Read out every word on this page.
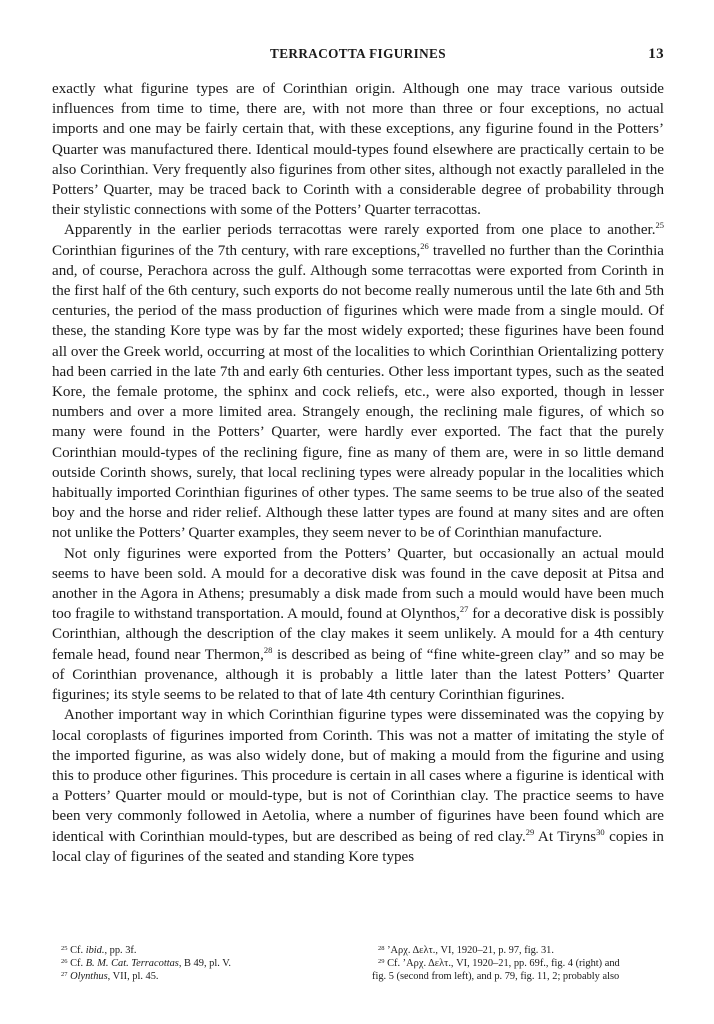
TERRACOTTA FIGURINES	13

exactly what figurine types are of Corinthian origin. Although one may trace various outside influences from time to time, there are, with not more than three or four exceptions, no actual imports and one may be fairly certain that, with these exceptions, any figurine found in the Potters’ Quarter was manufactured there. Identical mould-types found elsewhere are practically certain to be also Corinthian. Very frequently also figurines from other sites, although not exactly paralleled in the Potters’ Quarter, may be traced back to Corinth with a considerable degree of probability through their stylistic connections with some of the Potters’ Quarter terracottas.

Apparently in the earlier periods terracottas were rarely exported from one place to another.$^{25}$ Corinthian figurines of the 7th century, with rare exceptions,$^{26}$ travelled no further than the Corinthia and, of course, Perachora across the gulf. Although some terracottas were exported from Corinth in the first half of the 6th century, such exports do not become really numerous until the late 6th and 5th centuries, the period of the mass production of figurines which were made from a single mould. Of these, the standing Kore type was by far the most widely exported; these figurines have been found all over the Greek world, occurring at most of the localities to which Corinthian Orientalizing pottery had been carried in the late 7th and early 6th centuries. Other less important types, such as the seated Kore, the female protome, the sphinx and cock reliefs, etc., were also exported, though in lesser numbers and over a more limited area. Strangely enough, the reclining male figures, of which so many were found in the Potters’ Quarter, were hardly ever exported. The fact that the purely Corinthian mould-types of the reclining figure, fine as many of them are, were in so little demand outside Corinth shows, surely, that local reclining types were already popular in the localities which habitually imported Corinthian figurines of other types. The same seems to be true also of the seated boy and the horse and rider relief. Although these latter types are found at many sites and are often not unlike the Potters’ Quarter examples, they seem never to be of Corinthian manufacture.

Not only figurines were exported from the Potters’ Quarter, but occasionally an actual mould seems to have been sold. A mould for a decorative disk was found in the cave deposit at Pitsa and another in the Agora in Athens; presumably a disk made from such a mould would have been much too fragile to withstand transportation. A mould, found at Olynthos,$^{27}$ for a decorative disk is possibly Corinthian, although the description of the clay makes it seem unlikely. A mould for a 4th century female head, found near Thermon,$^{28}$ is described as being of “fine white-green clay” and so may be of Corinthian provenance, although it is probably a little later than the latest Potters’ Quarter figurines; its style seems to be related to that of late 4th century Corinthian figurines.

Another important way in which Corinthian figurine types were disseminated was the copying by local coroplasts of figurines imported from Corinth. This was not a matter of imitating the style of the imported figurine, as was also widely done, but of making a mould from the figurine and using this to produce other figurines. This procedure is certain in all cases where a figurine is identical with a Potters’ Quarter mould or mould-type, but is not of Corinthian clay. The practice seems to have been very commonly followed in Aetolia, where a number of figurines have been found which are identical with Corinthian mould-types, but are described as being of red clay.$^{29}$ At Tiryns$^{30}$ copies in local clay of figurines of the seated and standing Kore types

$^{25}$ Cf. ibid., pp. 3f.

$^{26}$ Cf. B. M. Cat. Terracottas, B 49, pl. V.

$^{27}$ Olynthus, VII, pl. 45.

$^{28}$ ’Αρχ. Δελτ., VI, 1920–21, p. 97, fig. 31.

$^{29}$ Cf. ’Αρχ. Δελτ., VI, 1920–21, pp. 69f., fig. 4 (right) and

fig. 5 (second from left), and p. 79, fig. 11, 2; probably also
